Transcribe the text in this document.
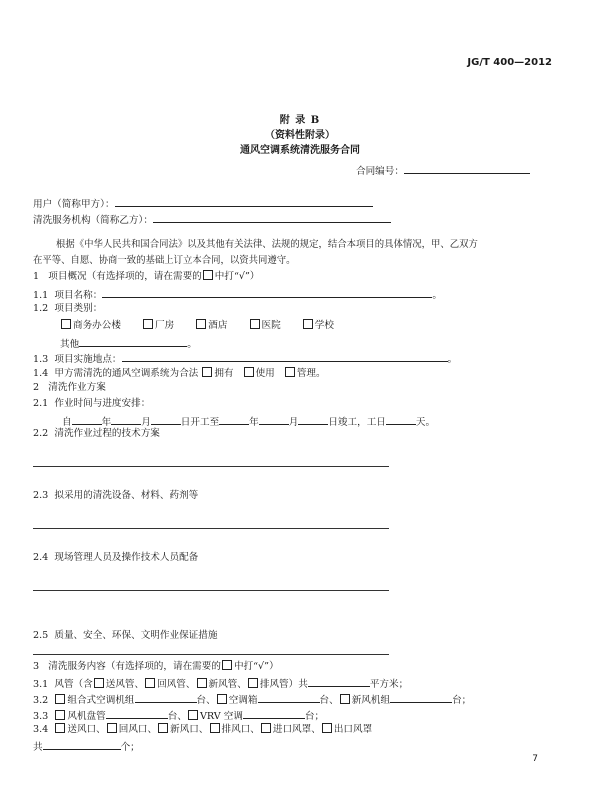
JG/T 400—2012
附 录 B
（资料性附录）
通风空调系统清洗服务合同
合同编号：
用户（简称甲方）：
清洗服务机构（简称乙方）：
根据《中华人民共和国合同法》以及其他有关法律、法规的规定，结合本项目的具体情况，甲、乙双方
在平等、自愿、协商一致的基础上订立本合同，以资共同遵守。
1 项目概况（有选择项的，请在需要的 中打“√”）
1.1 项目名称：	。
1.2 项目类别：
商务办公楼	厂房	酒店	医院	学校
其他	。
1.3 项目实施地点：	。
1.4 甲方需清洗的通风空调系统为合法 拥有 使用 管理。
2 清洗作业方案
2.1 作业时间与进度安排：
自	年	月	日开工至	年	月	日竣工，工日	天。
2.2 清洗作业过程的技术方案
2.3 拟采用的清洗设备、材料、药剂等
2.4 现场管理人员及操作技术人员配备
2.5 质量、安全、环保、文明作业保证措施
3 清洗服务内容（有选择项的，请在需要的 中打“√”）
3.1 风管（含 送风管、 回风管、 新风管、 排风管）共	平方米；
3.2 组合式空调机组	台、 空调箱	台、 新风机组	台；
3.3 风机盘管	台、 VRV 空调	台；
3.4 送风口、 回风口、 新风口、 排风口、 进口风罩、 出口风罩
共	个；
7
